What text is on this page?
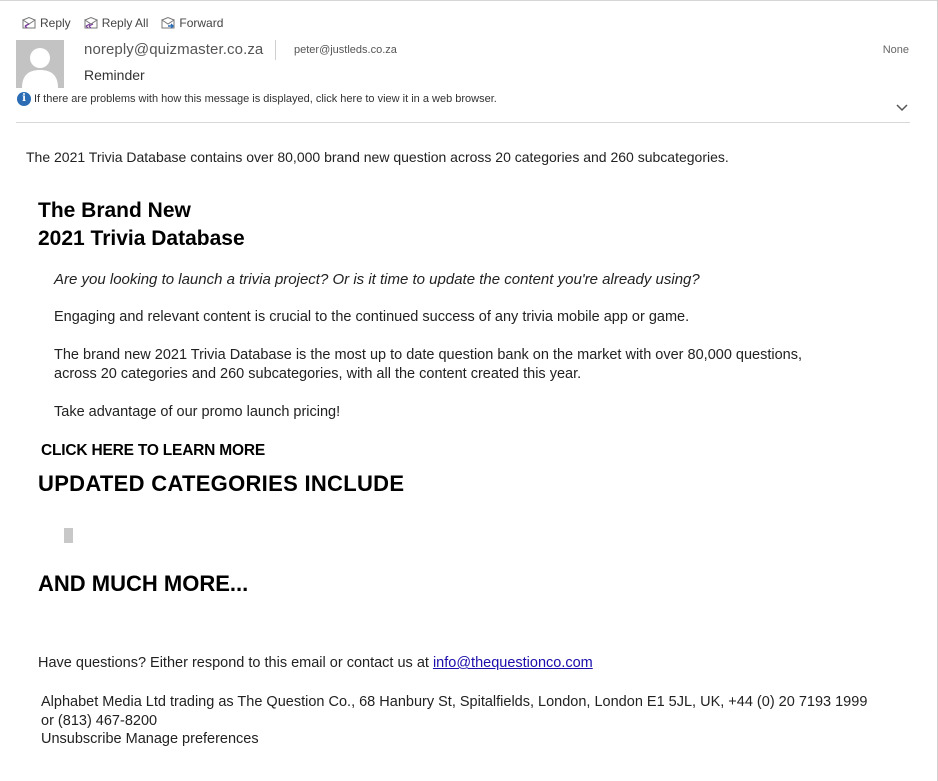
Reply	Reply All	Forward
noreply@quizmaster.co.za	peter@justleds.co.za	None
Reminder
i If there are problems with how this message is displayed, click here to view it in a web browser.
The 2021 Trivia Database contains over 80,000 brand new question across 20 categories and 260 subcategories.
The Brand New
2021 Trivia Database
Are you looking to launch a trivia project? Or is it time to update the content you're already using?
Engaging and relevant content is crucial to the continued success of any trivia mobile app or game.
The brand new 2021 Trivia Database is the most up to date question bank on the market with over 80,000 questions, across 20 categories and 260 subcategories, with all the content created this year.
Take advantage of our promo launch pricing!
CLICK HERE TO LEARN MORE
UPDATED CATEGORIES INCLUDE
AND MUCH MORE...
Have questions? Either respond to this email or contact us at info@thequestionco.com
Alphabet Media Ltd trading as The Question Co., 68 Hanbury St, Spitalfields, London, London E1 5JL, UK, +44 (0) 20 7193 1999 or (813) 467-8200
Unsubscribe Manage preferences
